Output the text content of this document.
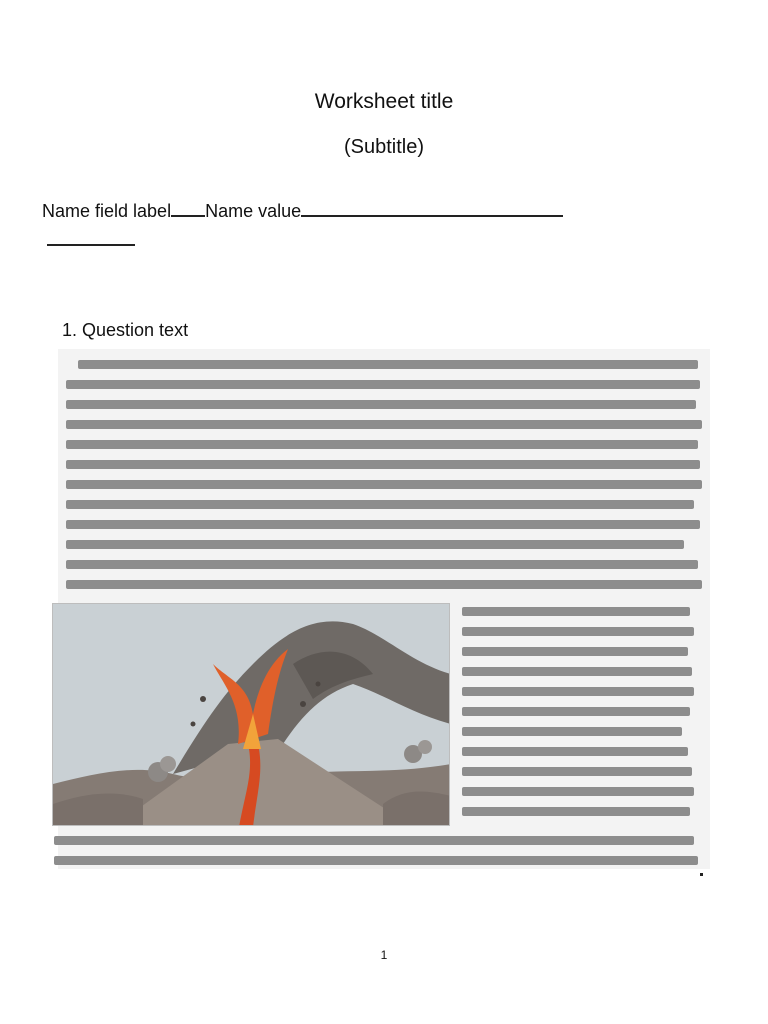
Worksheet title
(Subtitle)
Name field label Name value
1. Question text
1
